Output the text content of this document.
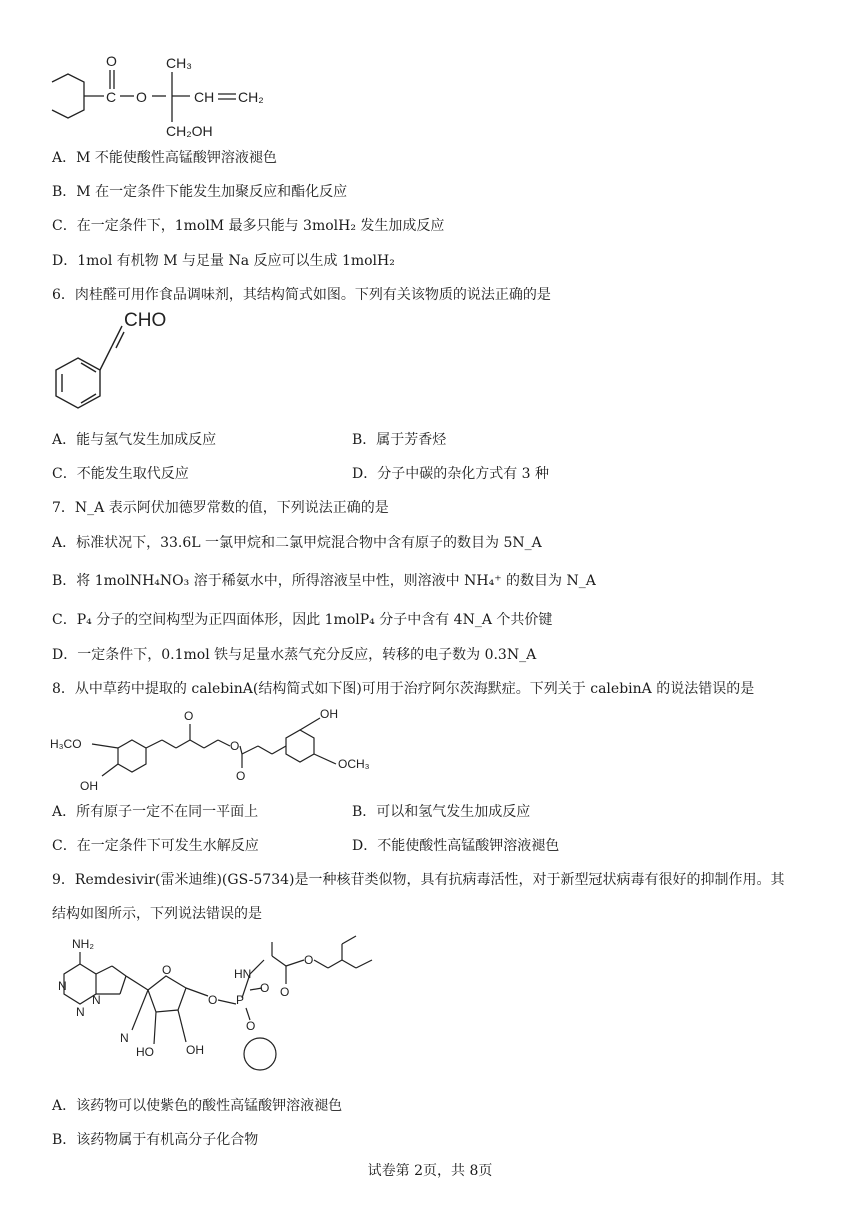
O
C O
CH₃
CH CH₂
CH₂OH
A．M 不能使酸性高锰酸钾溶液褪色
B．M 在一定条件下能发生加聚反应和酯化反应
C．在一定条件下，1molM 最多只能与 3molH₂ 发生加成反应
D．1mol 有机物 M 与足量 Na 反应可以生成 1molH₂
6．肉桂醛可用作食品调味剂，其结构简式如图。下列有关该物质的说法正确的是
CHO
A．能与氢气发生加成反应	B．属于芳香烃
C．不能发生取代反应	D．分子中碳的杂化方式有 3 种
7．N_A 表示阿伏加德罗常数的值，下列说法正确的是
A．标准状况下，33.6L 一氯甲烷和二氯甲烷混合物中含有原子的数目为 5N_A
B．将 1molNH₄NO₃ 溶于稀氨水中，所得溶液呈中性，则溶液中 NH₄⁺ 的数目为 N_A
C．P₄ 分子的空间构型为正四面体形，因此 1molP₄ 分子中含有 4N_A 个共价键
D．一定条件下，0.1mol 铁与足量水蒸气充分反应，转移的电子数为 0.3N_A
8．从中草药中提取的 calebinA(结构简式如下图)可用于治疗阿尔茨海默症。下列关于 calebinA 的说法错误的是
H₃CO
OH
O
O
O
OH
OCH₃
A．所有原子一定不在同一平面上	B．可以和氢气发生加成反应
C．在一定条件下可发生水解反应	D．不能使酸性高锰酸钾溶液褪色
9．Remdesivir(雷米迪维)(GS-5734)是一种核苷类似物，具有抗病毒活性，对于新型冠状病毒有很好的抑制作用。其
结构如图所示，下列说法错误的是
NH₂
N
N
N
O
N
HO	OH
O
HN
P
O
O
O
O
A．该药物可以使紫色的酸性高锰酸钾溶液褪色
B．该药物属于有机高分子化合物
试卷第 2页，共 8页
